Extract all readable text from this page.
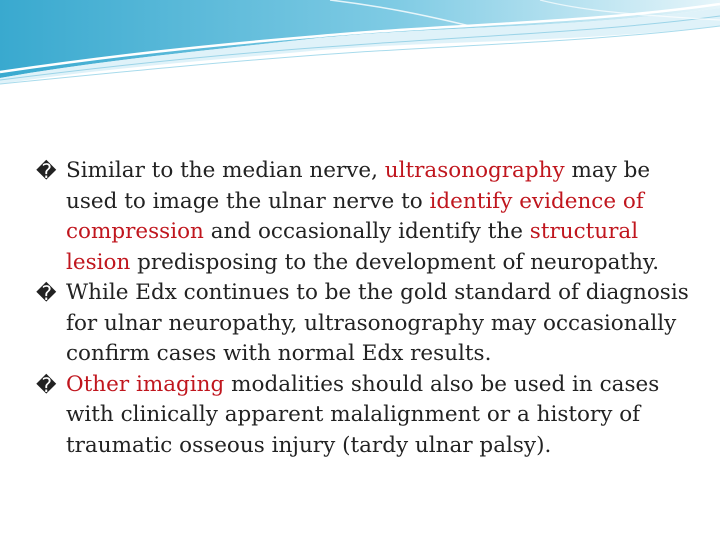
� Similar to the median nerve, ultrasonography may be used to image the ulnar nerve to identify evidence of compression and occasionally identify the structural lesion predisposing to the development of neuropathy.

� While Edx continues to be the gold standard of diagnosis for ulnar neuropathy, ultrasonography may occasionally confirm cases with normal Edx results.

� Other imaging modalities should also be used in cases with clinically apparent malalignment or a history of traumatic osseous injury (tardy ulnar palsy).
